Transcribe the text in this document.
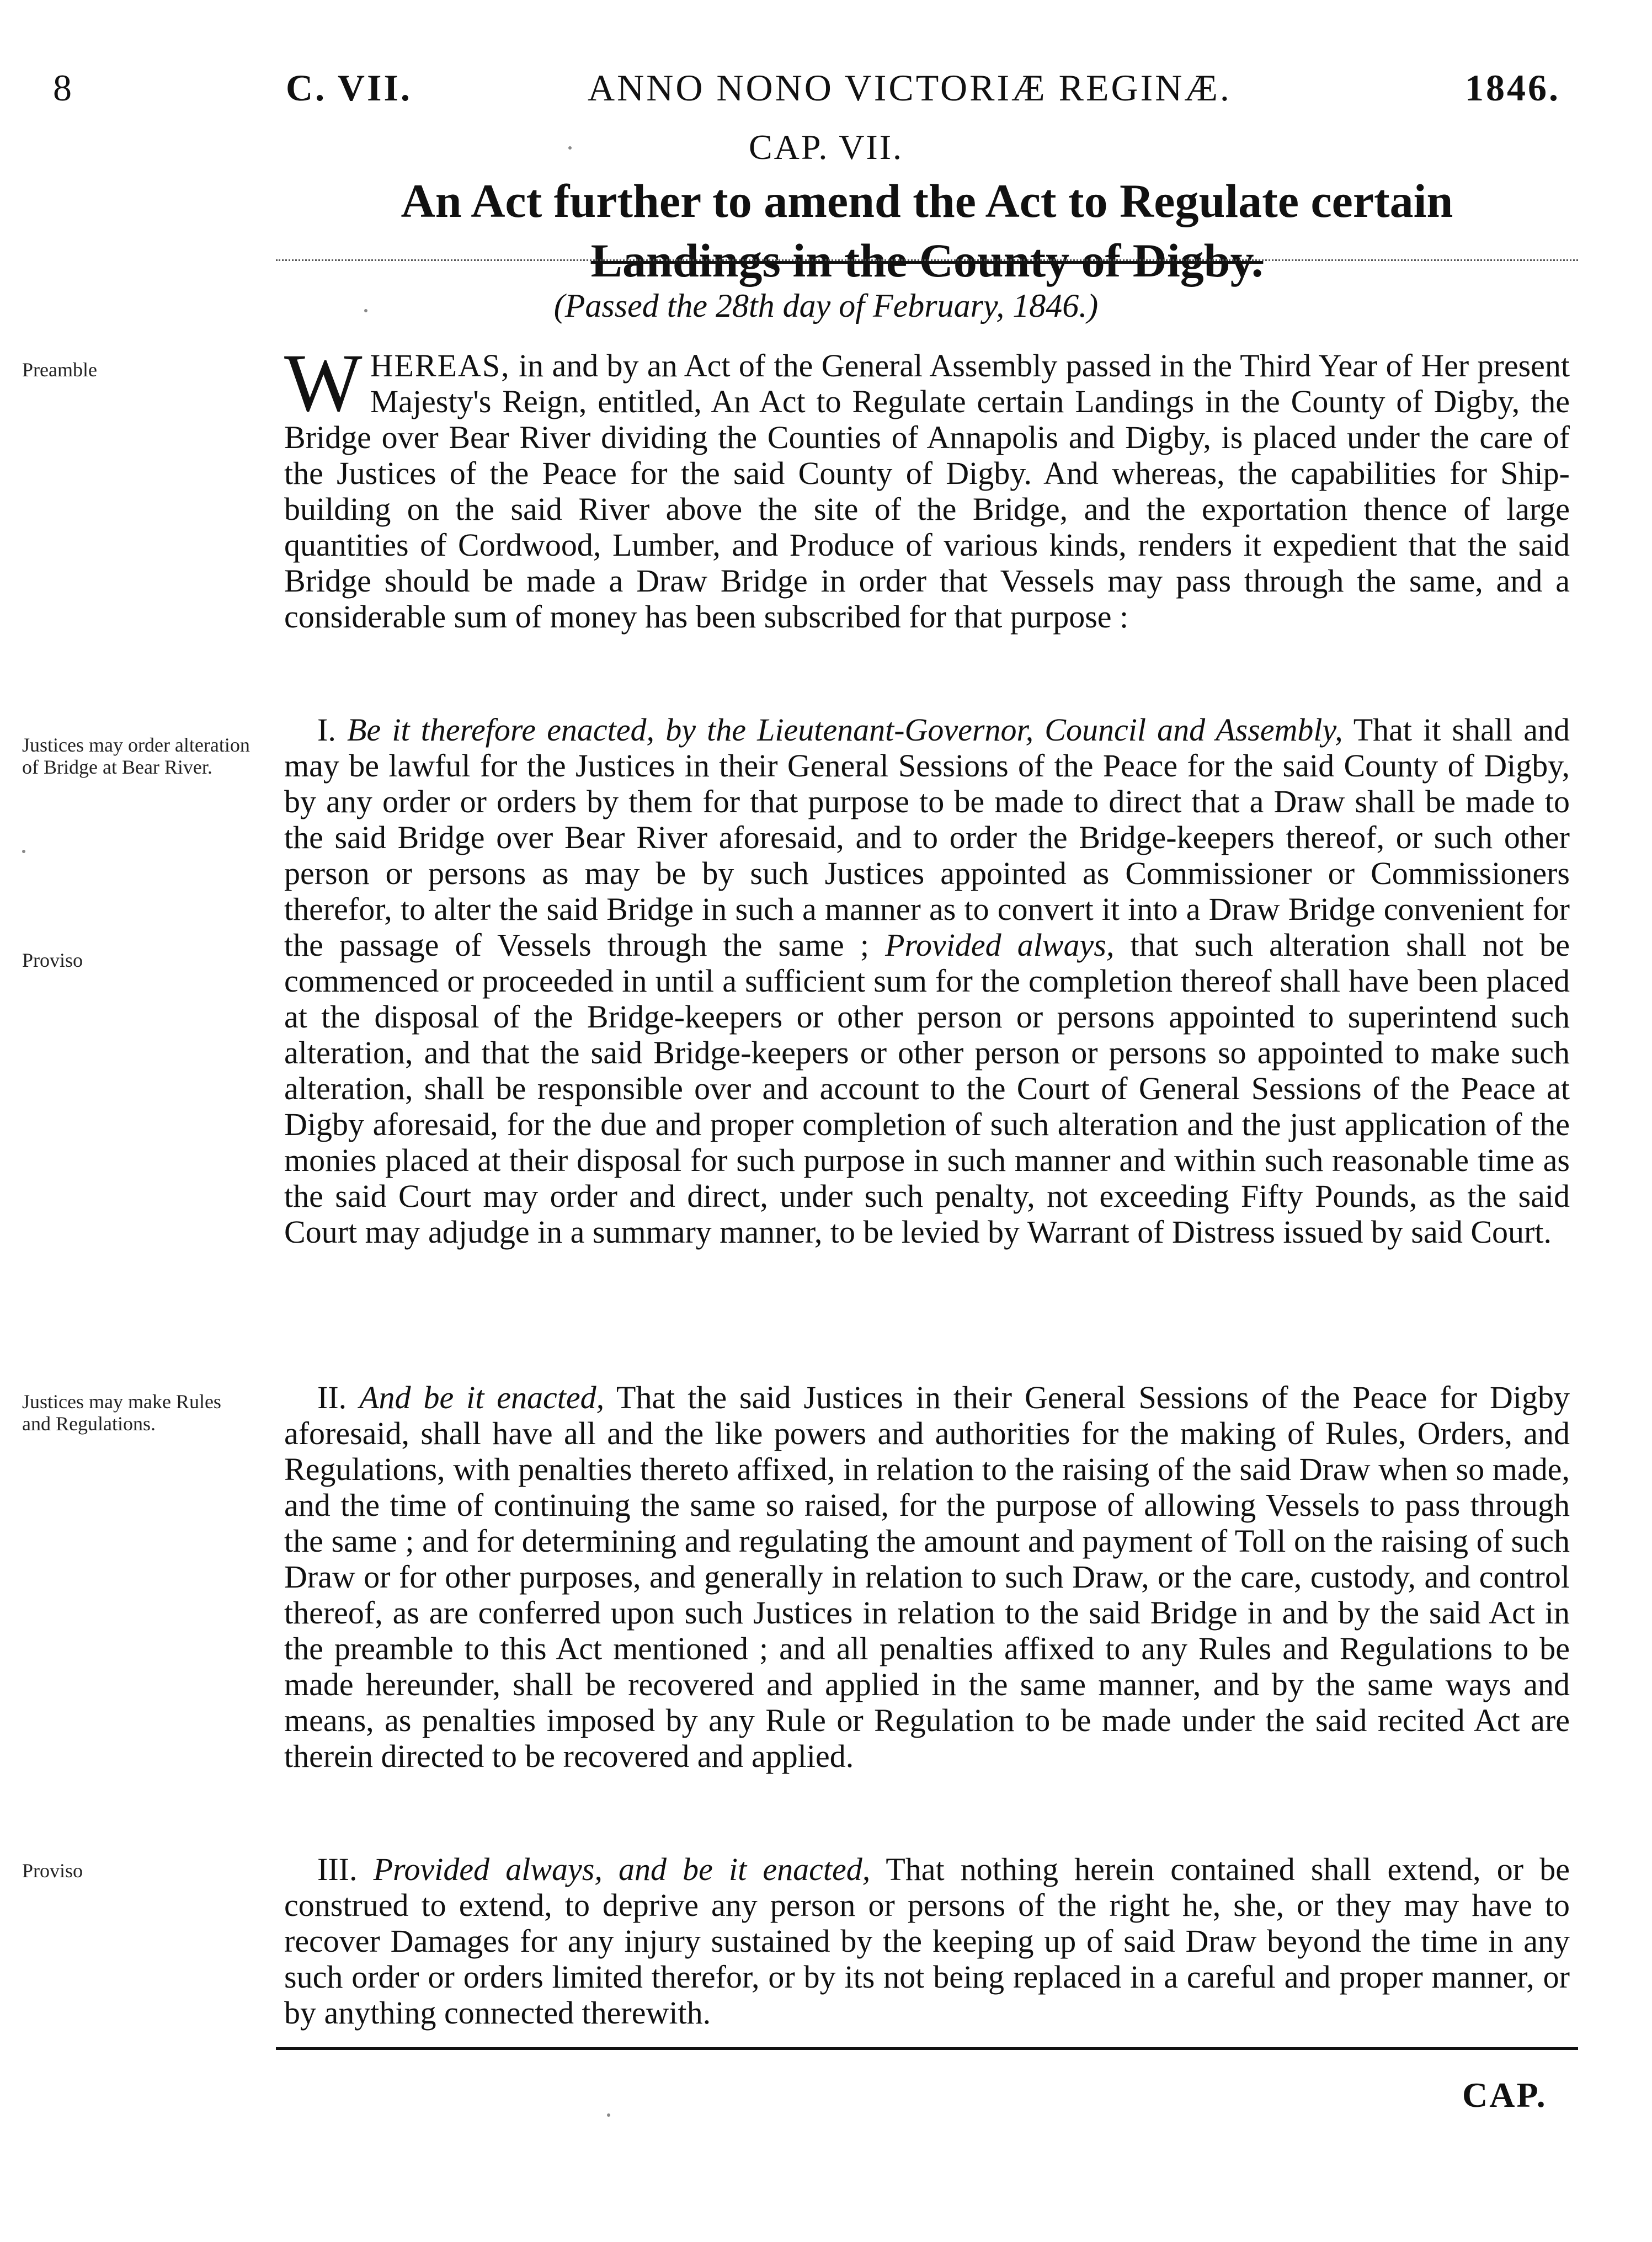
8	C. VII.	ANNO NONO VICTORIÆ REGINÆ.	1846.
CAP. VII.
An Act further to amend the Act to Regulate certain
Landings in the County of Digby.
(Passed the 28th day of February, 1846.)
Preamble
Justices may order alteration of Bridge at Bear River.
Proviso
Justices may make Rules and Regulations.
Proviso
WHEREAS, in and by an Act of the General Assembly passed in the Third Year of Her present Majesty's Reign, entitled, An Act to Regulate certain Landings in the County of Digby, the Bridge over Bear River dividing the Counties of Annapolis and Digby, is placed under the care of the Justices of the Peace for the said County of Digby. And whereas, the capabilities for Ship-building on the said River above the site of the Bridge, and the exportation thence of large quantities of Cordwood, Lumber, and Produce of various kinds, renders it expedient that the said Bridge should be made a Draw Bridge in order that Vessels may pass through the same, and a considerable sum of money has been subscribed for that purpose :
I. Be it therefore enacted, by the Lieutenant-Governor, Council and Assembly, That it shall and may be lawful for the Justices in their General Sessions of the Peace for the said County of Digby, by any order or orders by them for that purpose to be made to direct that a Draw shall be made to the said Bridge over Bear River aforesaid, and to order the Bridge-keepers thereof, or such other person or persons as may be by such Justices appointed as Commissioner or Commissioners therefor, to alter the said Bridge in such a manner as to convert it into a Draw Bridge convenient for the passage of Vessels through the same ; Provided always, that such alteration shall not be commenced or proceeded in until a sufficient sum for the completion thereof shall have been placed at the disposal of the Bridge-keepers or other person or persons appointed to superintend such alteration, and that the said Bridge-keepers or other person or persons so appointed to make such alteration, shall be responsible over and account to the Court of General Sessions of the Peace at Digby aforesaid, for the due and proper completion of such alteration and the just application of the monies placed at their disposal for such purpose in such manner and within such reasonable time as the said Court may order and direct, under such penalty, not exceeding Fifty Pounds, as the said Court may adjudge in a summary manner, to be levied by Warrant of Distress issued by said Court.
II. And be it enacted, That the said Justices in their General Sessions of the Peace for Digby aforesaid, shall have all and the like powers and authorities for the making of Rules, Orders, and Regulations, with penalties thereto affixed, in relation to the raising of the said Draw when so made, and the time of continuing the same so raised, for the purpose of allowing Vessels to pass through the same ; and for determining and regulating the amount and payment of Toll on the raising of such Draw or for other purposes, and generally in relation to such Draw, or the care, custody, and control thereof, as are conferred upon such Justices in relation to the said Bridge in and by the said Act in the preamble to this Act mentioned ; and all penalties affixed to any Rules and Regulations to be made hereunder, shall be recovered and applied in the same manner, and by the same ways and means, as penalties imposed by any Rule or Regulation to be made under the said recited Act are therein directed to be recovered and applied.
III. Provided always, and be it enacted, That nothing herein contained shall extend, or be construed to extend, to deprive any person or persons of the right he, she, or they may have to recover Damages for any injury sustained by the keeping up of said Draw beyond the time in any such order or orders limited therefor, or by its not being replaced in a careful and proper manner, or by anything connected therewith.
CAP.
